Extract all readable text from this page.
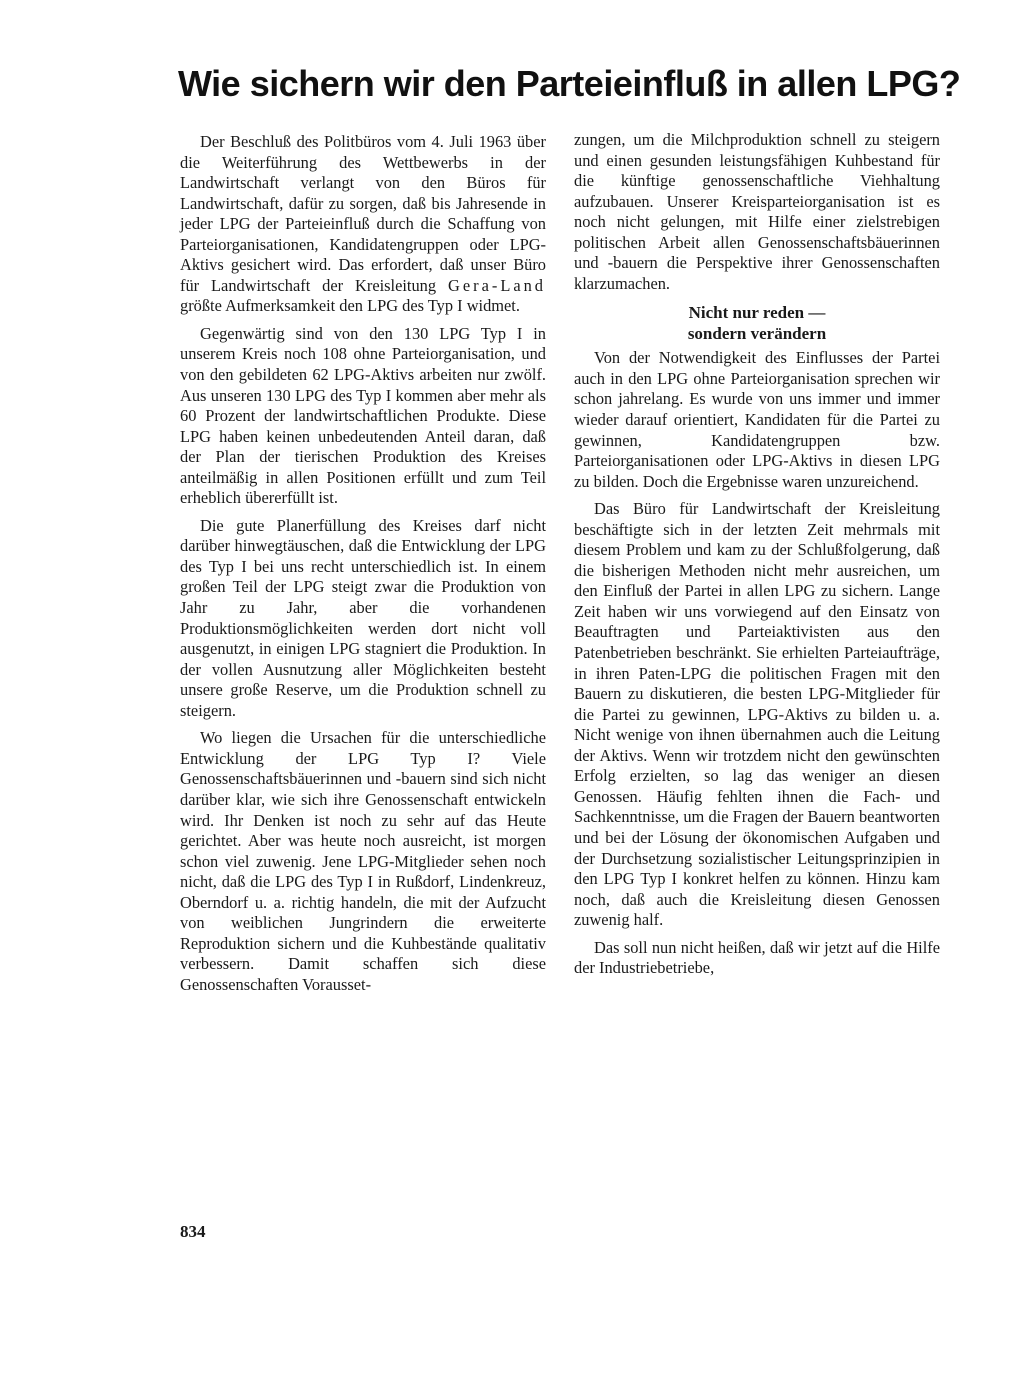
Wie sichern wir den Parteieinfluß in allen LPG?

Der Beschluß des Politbüros vom 4. Juli 1963 über die Weiterführung des Wettbewerbs in der Landwirtschaft verlangt von den Büros für Landwirtschaft, dafür zu sorgen, daß bis Jahresende in jeder LPG der Parteieinfluß durch die Schaffung von Parteiorganisationen, Kandidatengruppen oder LPG-Aktivs gesichert wird. Das erfordert, daß unser Büro für Landwirtschaft der Kreisleitung Gera-Land größte Aufmerksamkeit den LPG des Typ I widmet.

Gegenwärtig sind von den 130 LPG Typ I in unserem Kreis noch 108 ohne Parteiorganisation, und von den gebildeten 62 LPG-Aktivs arbeiten nur zwölf. Aus unseren 130 LPG des Typ I kommen aber mehr als 60 Prozent der landwirtschaftlichen Produkte. Diese LPG haben keinen unbedeutenden Anteil daran, daß der Plan der tierischen Produktion des Kreises anteilmäßig in allen Positionen erfüllt und zum Teil erheblich übererfüllt ist.

Die gute Planerfüllung des Kreises darf nicht darüber hinwegtäuschen, daß die Entwicklung der LPG des Typ I bei uns recht unterschiedlich ist. In einem großen Teil der LPG steigt zwar die Produktion von Jahr zu Jahr, aber die vorhandenen Produktionsmöglichkeiten werden dort nicht voll ausgenutzt, in einigen LPG stagniert die Produktion. In der vollen Ausnutzung aller Möglichkeiten besteht unsere große Reserve, um die Produktion schnell zu steigern.

Wo liegen die Ursachen für die unterschiedliche Entwicklung der LPG Typ I? Viele Genossenschaftsbäuerinnen und -bauern sind sich nicht darüber klar, wie sich ihre Genossenschaft entwickeln wird. Ihr Denken ist noch zu sehr auf das Heute gerichtet. Aber was heute noch ausreicht, ist morgen schon viel zuwenig. Jene LPG-Mitglieder sehen noch nicht, daß die LPG des Typ I in Rußdorf, Lindenkreuz, Oberndorf u. a. richtig handeln, die mit der Aufzucht von weiblichen Jungrindern die erweiterte Reproduktion sichern und die Kuhbestände qualitativ verbessern. Damit schaffen sich diese Genossenschaften Vorausset-

zungen, um die Milchproduktion schnell zu steigern und einen gesunden leistungsfähigen Kuhbestand für die künftige genossenschaftliche Viehhaltung aufzubauen. Unserer Kreisparteiorganisation ist es noch nicht gelungen, mit Hilfe einer zielstrebigen politischen Arbeit allen Genossenschaftsbäuerinnen und -bauern die Perspektive ihrer Genossenschaften klarzumachen.

Nicht nur reden —
sondern verändern

Von der Notwendigkeit des Einflusses der Partei auch in den LPG ohne Parteiorganisation sprechen wir schon jahrelang. Es wurde von uns immer und immer wieder darauf orientiert, Kandidaten für die Partei zu gewinnen, Kandidatengruppen bzw. Parteiorganisationen oder LPG-Aktivs in diesen LPG zu bilden. Doch die Ergebnisse waren unzureichend.

Das Büro für Landwirtschaft der Kreisleitung beschäftigte sich in der letzten Zeit mehrmals mit diesem Problem und kam zu der Schlußfolgerung, daß die bisherigen Methoden nicht mehr ausreichen, um den Einfluß der Partei in allen LPG zu sichern. Lange Zeit haben wir uns vorwiegend auf den Einsatz von Beauftragten und Parteiaktivisten aus den Patenbetrieben beschränkt. Sie erhielten Parteiaufträge, in ihren Paten-LPG die politischen Fragen mit den Bauern zu diskutieren, die besten LPG-Mitglieder für die Partei zu gewinnen, LPG-Aktivs zu bilden u. a. Nicht wenige von ihnen übernahmen auch die Leitung der Aktivs. Wenn wir trotzdem nicht den gewünschten Erfolg erzielten, so lag das weniger an diesen Genossen. Häufig fehlten ihnen die Fach- und Sachkenntnisse, um die Fragen der Bauern beantworten und bei der Lösung der ökonomischen Aufgaben und der Durchsetzung sozialistischer Leitungsprinzipien in den LPG Typ I konkret helfen zu können. Hinzu kam noch, daß auch die Kreisleitung diesen Genossen zuwenig half.

Das soll nun nicht heißen, daß wir jetzt auf die Hilfe der Industriebetriebe,

834
